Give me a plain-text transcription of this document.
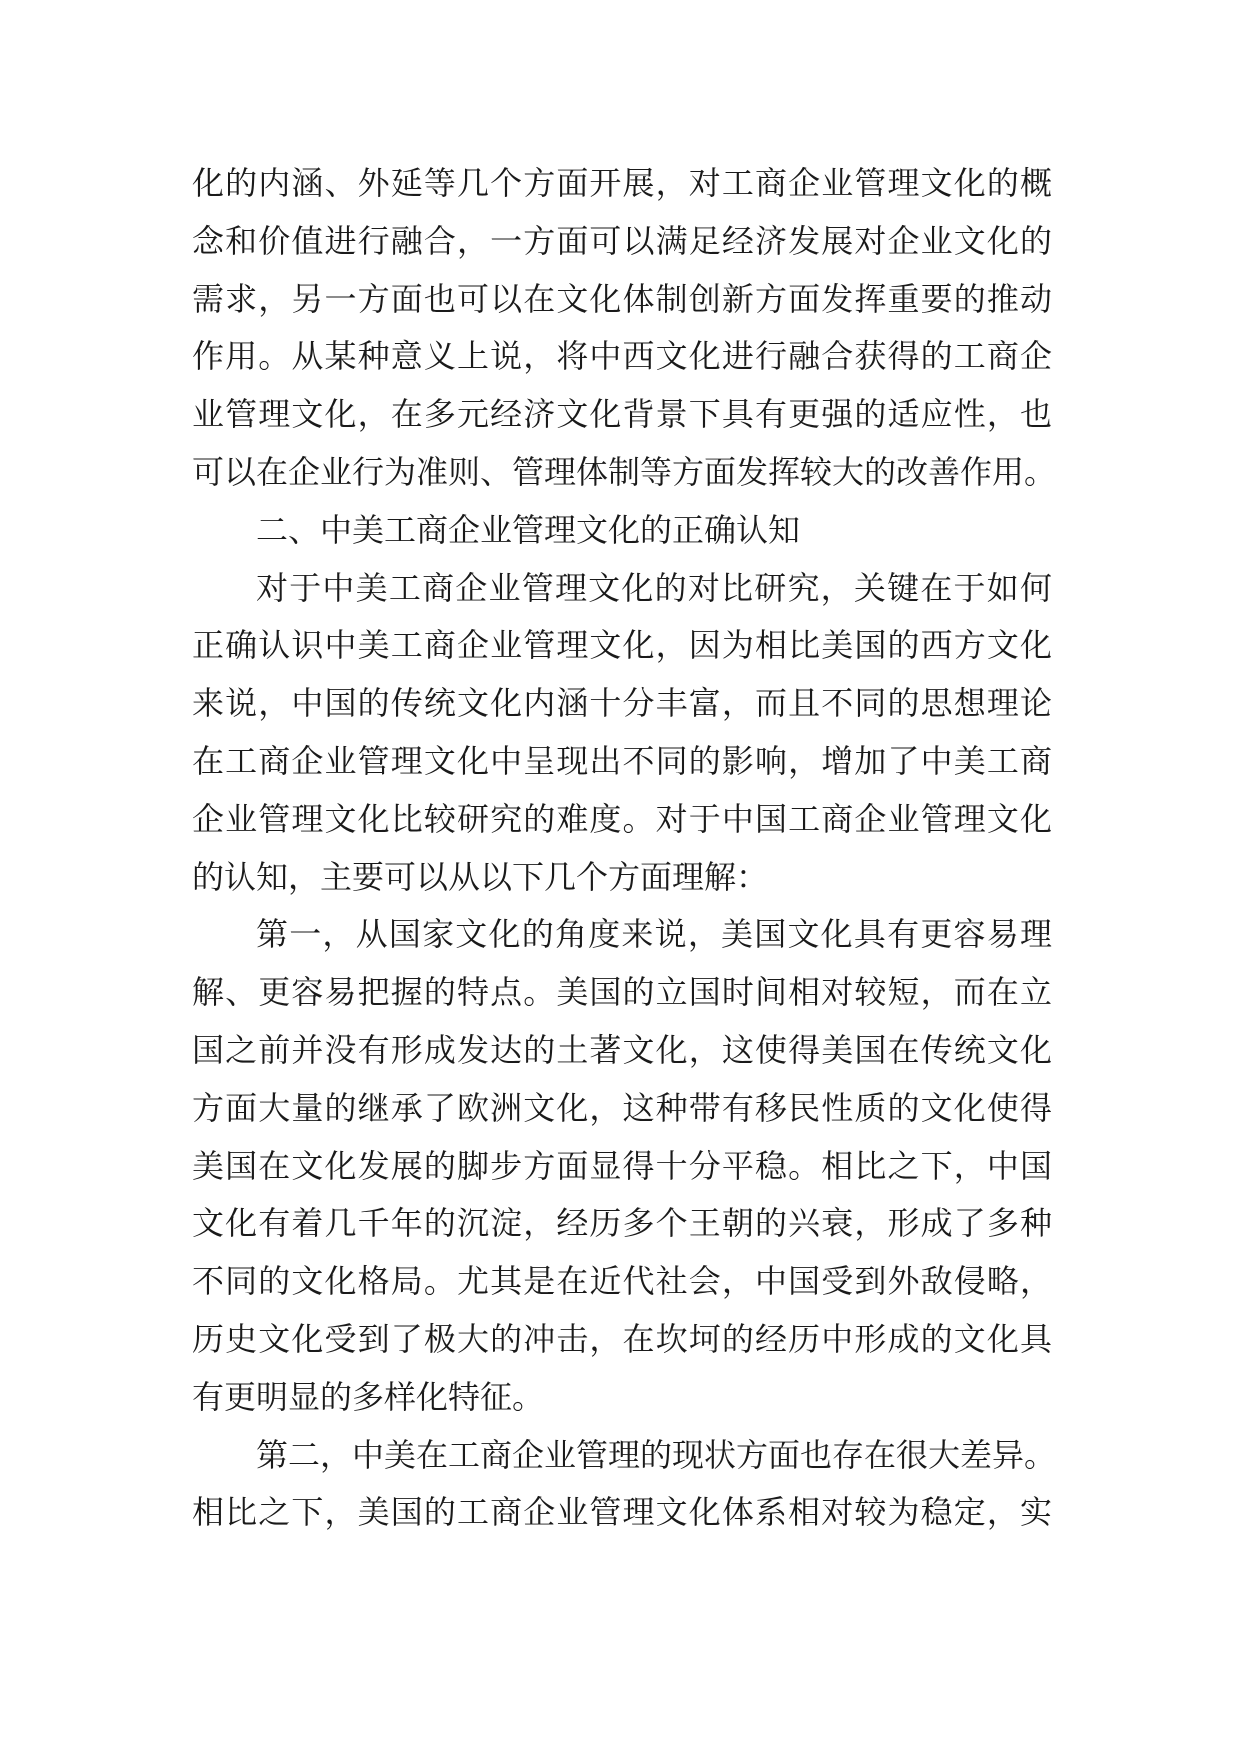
化的内涵、外延等几个方面开展，对工商企业管理文化的概
念和价值进行融合，一方面可以满足经济发展对企业文化的
需求，另一方面也可以在文化体制创新方面发挥重要的推动
作用。从某种意义上说，将中西文化进行融合获得的工商企
业管理文化，在多元经济文化背景下具有更强的适应性，也
可以在企业行为准则、管理体制等方面发挥较大的改善作用。
二、中美工商企业管理文化的正确认知
对于中美工商企业管理文化的对比研究，关键在于如何
正确认识中美工商企业管理文化，因为相比美国的西方文化
来说，中国的传统文化内涵十分丰富，而且不同的思想理论
在工商企业管理文化中呈现出不同的影响，增加了中美工商
企业管理文化比较研究的难度。对于中国工商企业管理文化
的认知，主要可以从以下几个方面理解：
第一，从国家文化的角度来说，美国文化具有更容易理
解、更容易把握的特点。美国的立国时间相对较短，而在立
国之前并没有形成发达的土著文化，这使得美国在传统文化
方面大量的继承了欧洲文化，这种带有移民性质的文化使得
美国在文化发展的脚步方面显得十分平稳。相比之下，中国
文化有着几千年的沉淀，经历多个王朝的兴衰，形成了多种
不同的文化格局。尤其是在近代社会，中国受到外敌侵略，
历史文化受到了极大的冲击，在坎坷的经历中形成的文化具
有更明显的多样化特征。
第二，中美在工商企业管理的现状方面也存在很大差异。
相比之下，美国的工商企业管理文化体系相对较为稳定，实
